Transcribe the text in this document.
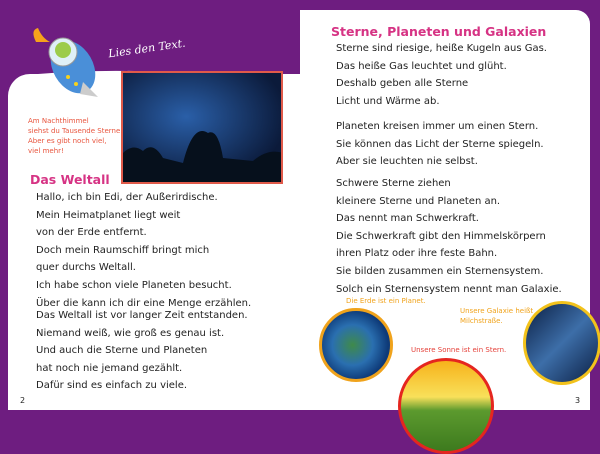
Lies den Text.
Am Nachthimmel
siehst du Tausende Sterne.
Aber es gibt noch viel,
viel mehr!
Das Weltall
Hallo, ich bin Edi, der Außerirdische.
Mein Heimatplanet liegt weit
von der Erde entfernt.
Doch mein Raumschiff bringt mich
quer durchs Weltall.
Ich habe schon viele Planeten besucht.
Über die kann ich dir eine Menge erzählen.
Das Weltall ist vor langer Zeit entstanden.
Niemand weiß, wie groß es genau ist.
Und auch die Sterne und Planeten
hat noch nie jemand gezählt.
Dafür sind es einfach zu viele.
2
Sterne, Planeten und Galaxien
Sterne sind riesige, heiße Kugeln aus Gas.
Das heiße Gas leuchtet und glüht.
Deshalb geben alle Sterne
Licht und Wärme ab.
Planeten kreisen immer um einen Stern.
Sie können das Licht der Sterne spiegeln.
Aber sie leuchten nie selbst.
Schwere Sterne ziehen
kleinere Sterne und Planeten an.
Das nennt man Schwerkraft.
Die Schwerkraft gibt den Himmelskörpern
ihren Platz oder ihre feste Bahn.
Sie bilden zusammen ein Sternensystem.
Solch ein Sternensystem nennt man Galaxie.
Die Erde ist ein Planet.
Unsere Galaxie heißt
Milchstraße.
Unsere Sonne ist ein Stern.
3
